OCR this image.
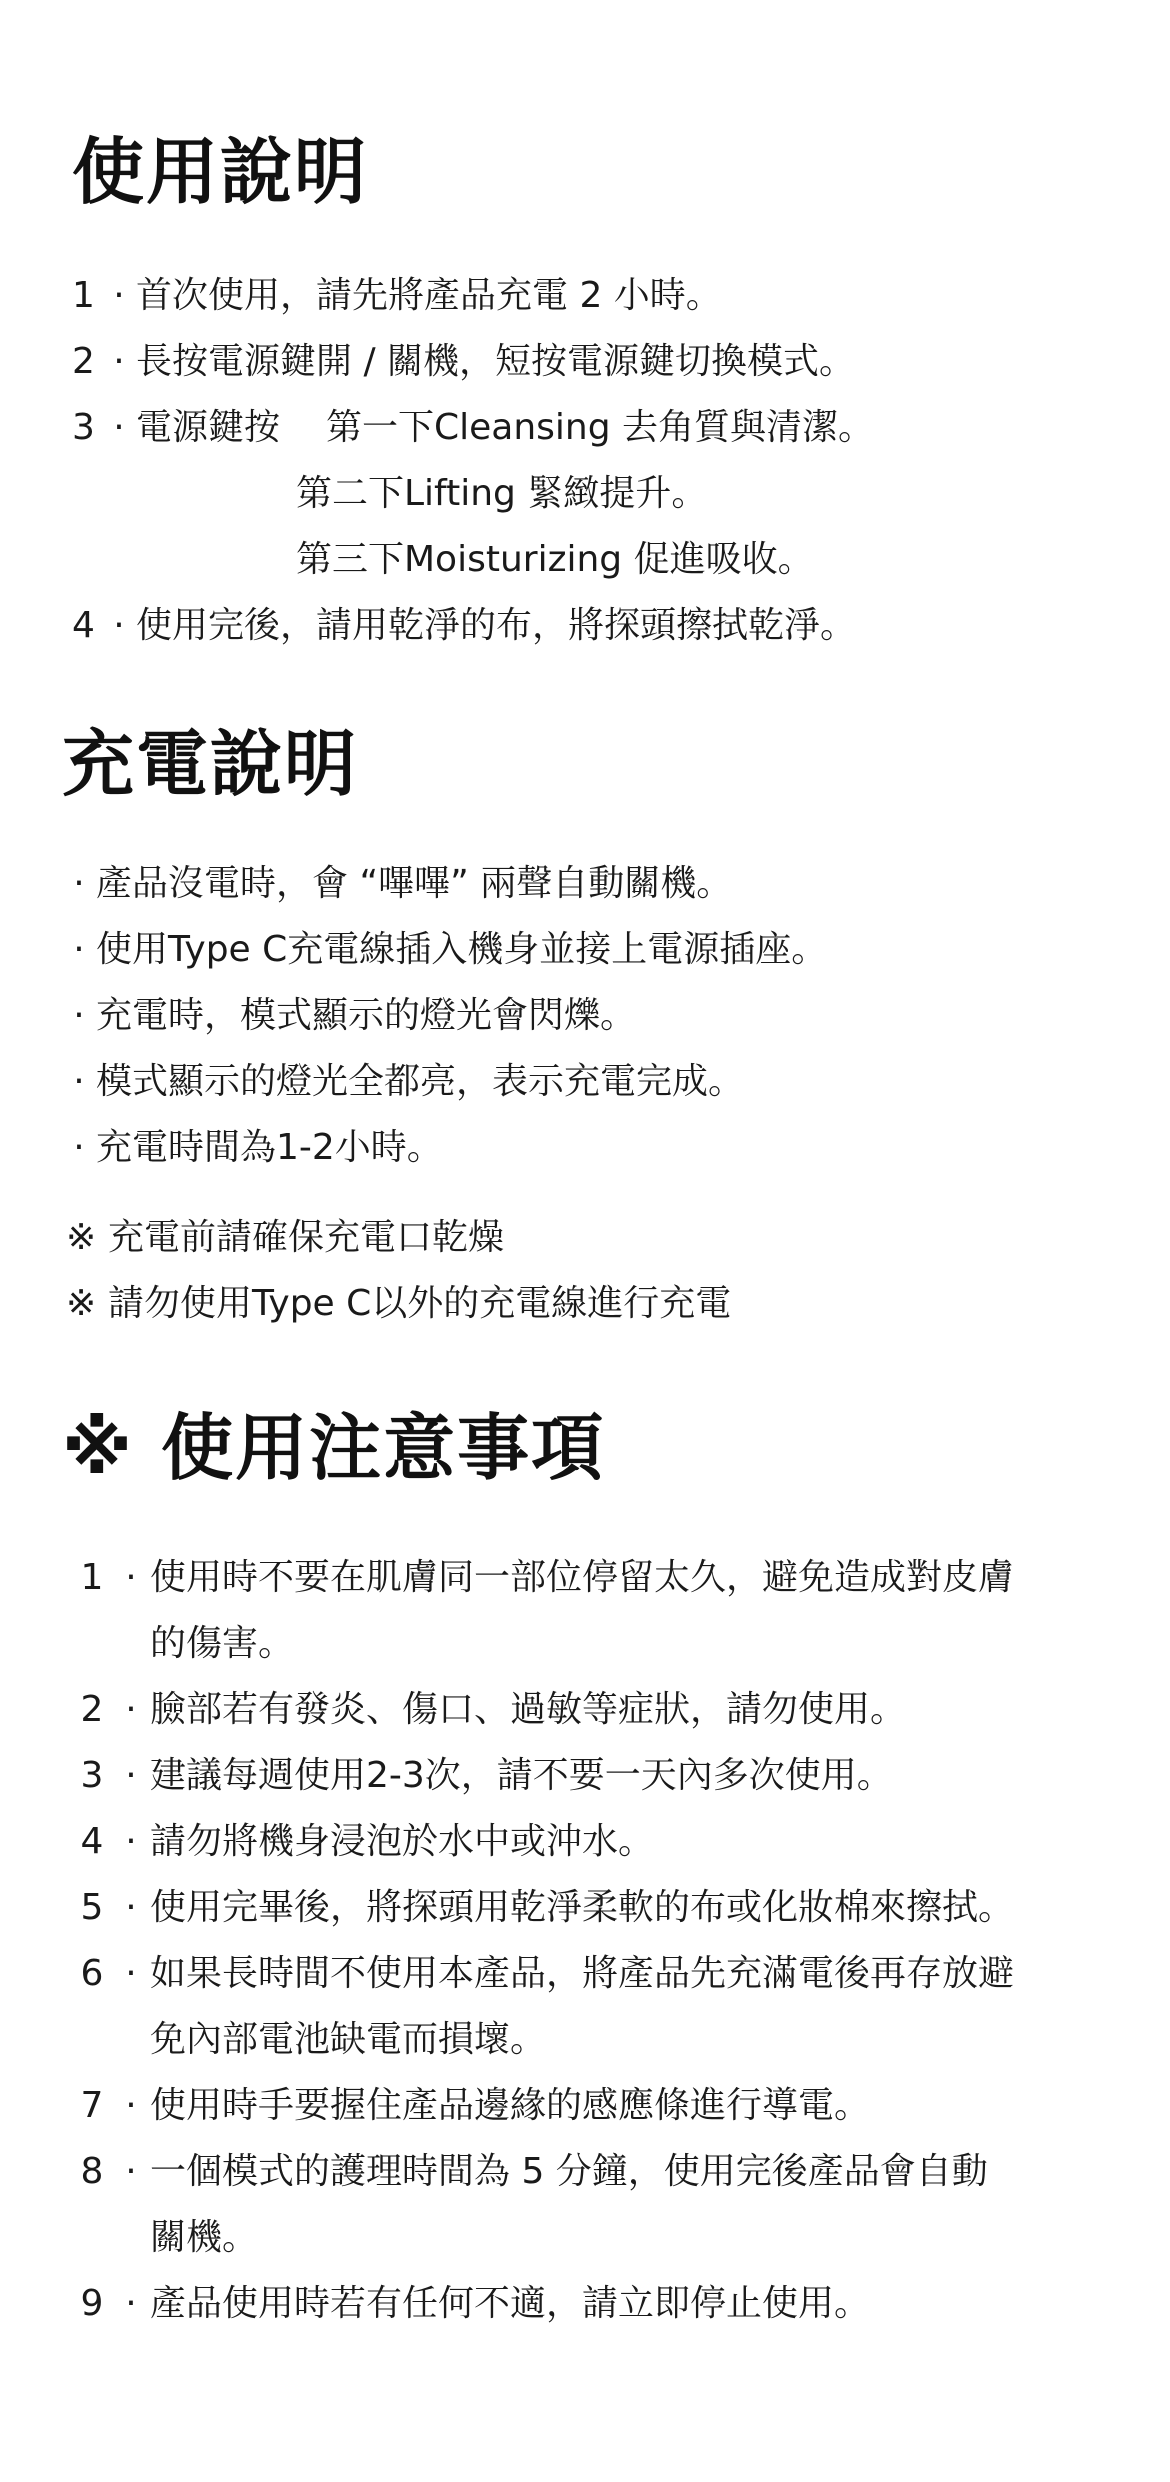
使用說明
1 · 首次使用，請先將產品充電 2 小時。
2 · 長按電源鍵開 / 關機，短按電源鍵切換模式。
3 · 電源鍵按 第一下Cleansing 去角質與清潔。
第二下Lifting 緊緻提升。
第三下Moisturizing 促進吸收。
4 · 使用完後，請用乾淨的布，將探頭擦拭乾淨。
充電說明
· 產品沒電時，會 “嗶嗶” 兩聲自動關機。
· 使用Type C充電線插入機身並接上電源插座。
· 充電時，模式顯示的燈光會閃爍。
· 模式顯示的燈光全都亮，表示充電完成。
· 充電時間為1-2小時。
※ 充電前請確保充電口乾燥
※ 請勿使用Type C以外的充電線進行充電
※ 使用注意事項
1 · 使用時不要在肌膚同一部位停留太久，避免造成對皮膚
的傷害。
2 · 臉部若有發炎、傷口、過敏等症狀，請勿使用。
3 · 建議每週使用2-3次，請不要一天內多次使用。
4 · 請勿將機身浸泡於水中或沖水。
5 · 使用完畢後，將探頭用乾淨柔軟的布或化妝棉來擦拭。
6 · 如果長時間不使用本產品，將產品先充滿電後再存放避
免內部電池缺電而損壞。
7 · 使用時手要握住產品邊緣的感應條進行導電。
8 · 一個模式的護理時間為 5 分鐘，使用完後產品會自動
關機。
9 · 產品使用時若有任何不適，請立即停止使用。
